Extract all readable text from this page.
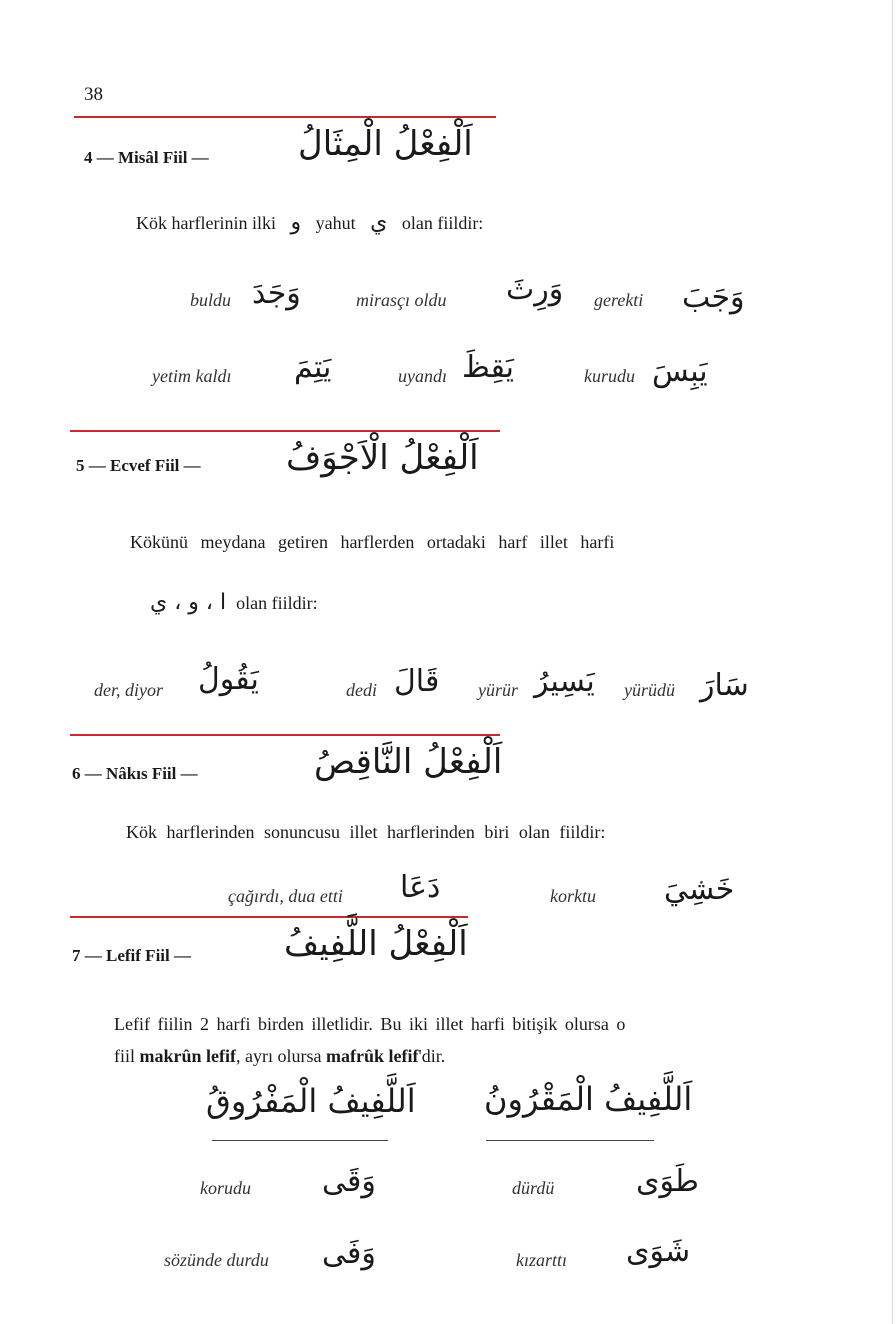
38
4 — Misâl Fiil —	اَلْفِعْلُ الْمِثَالُ
Kök harflerinin ilki و yahut ي olan fiildir:
buldu وَجَدَ	mirasçı oldu وَرِثَ gerekti وَجَبَ
yetim kaldı يَتِمَ	uyandı يَقِظَ	kurudu يَبِسَ
5 — Ecvef Fiil —	اَلْفِعْلُ الْاَجْوَفُ
Kökünü meydana getiren harflerden ortadaki harf illet harfi
ا ، و ، ي olan fiildir:
der, diyor يَقُولُ	dedi قَالَ yürür يَسِيرُ yürüdü سَارَ
6 — Nâkıs Fiil —	اَلْفِعْلُ النَّاقِصُ
Kök harflerinden sonuncusu illet harflerinden biri olan fiildir:
çağırdı, dua etti دَعَا	korktu خَشِيَ
7 — Lefif Fiil —	اَلْفِعْلُ اللَّفِيفُ
Lefif fiilin 2 harfi birden illetlidir. Bu iki illet harfi bitişik olursa o
fiil makrûn lefif, ayrı olursa mafrûk lefif'dir.
اَللَّفِيفُ الْمَفْرُوقُ اَللَّفِيفُ الْمَقْرُونُ
korudu وَقَى	dürdü	طَوَى
sözünde durdu وَفَى	kızarttı شَوَى
